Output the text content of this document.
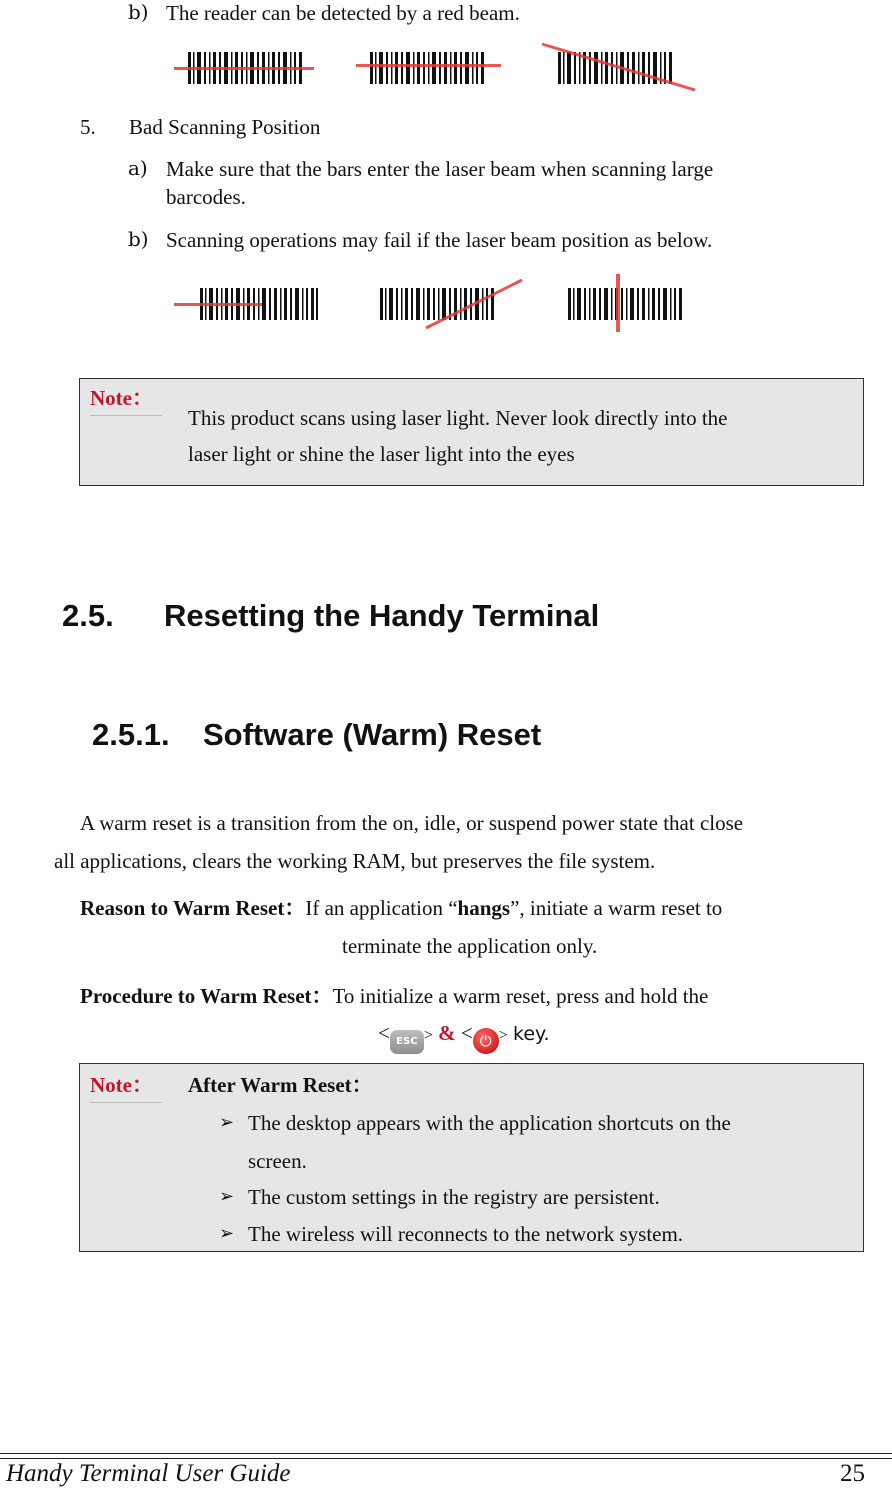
b) The reader can be detected by a red beam.
5. Bad Scanning Position
a) Make sure that the bars enter the laser beam when scanning large
barcodes.
b) Scanning operations may fail if the laser beam position as below.
Note：
This product scans using laser light. Never look directly into the
laser light or shine the laser light into the eyes
2.5. Resetting the Handy Terminal
2.5.1. Software (Warm) Reset
A warm reset is a transition from the on, idle, or suspend power state that close
all applications, clears the working RAM, but preserves the file system.
Reason to Warm Reset：If an application “hangs”, initiate a warm reset to
terminate the application only.
Procedure to Warm Reset：To initialize a warm reset, press and hold the
< ESC > & < ⏻ > key.
Note：	After Warm Reset：
➢ The desktop appears with the application shortcuts on the
screen.
➢ The custom settings in the registry are persistent.
➢ The wireless will reconnects to the network system.
Handy Terminal User Guide	25
